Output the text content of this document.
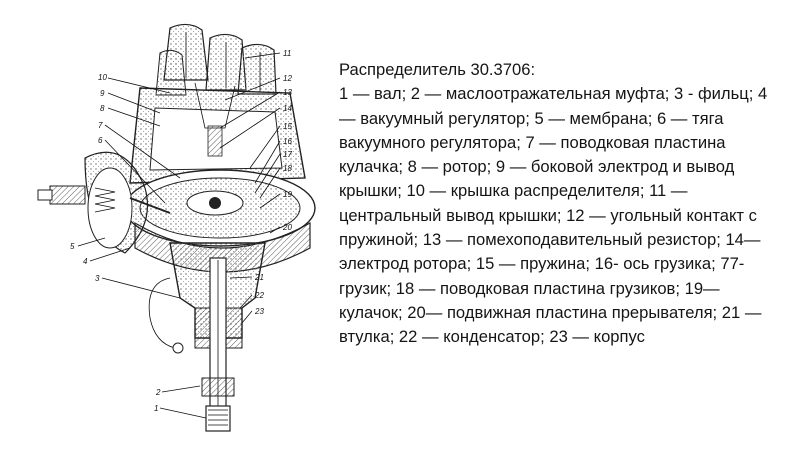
1
2
3
4
5
6
7
8
9
10
11
12
13
14
15
16
17
18
19
20
21
22
23
Распределитель 30.3706:
1 — вал; 2 — маслоотражательная муфта; 3 - фильц; 4 — вакуумный регулятор; 5 — мембрана; 6 — тяга вакуумного регулятора; 7 — поводковая пластина кулачка; 8 — ротор; 9 — боковой электрод и вывод крышки; 10 — крышка распределителя; 11 — центральный вывод крышки; 12 — угольный контакт с пружиной; 13 — помехоподавительный резистор; 14— электрод ротора; 15 — пружина; 16- ось грузика; 77- грузик; 18 — поводковая пластина грузиков; 19— кулачок; 20— подвижная пластина прерывателя; 21 — втулка; 22 — конденсатор; 23 — корпус
